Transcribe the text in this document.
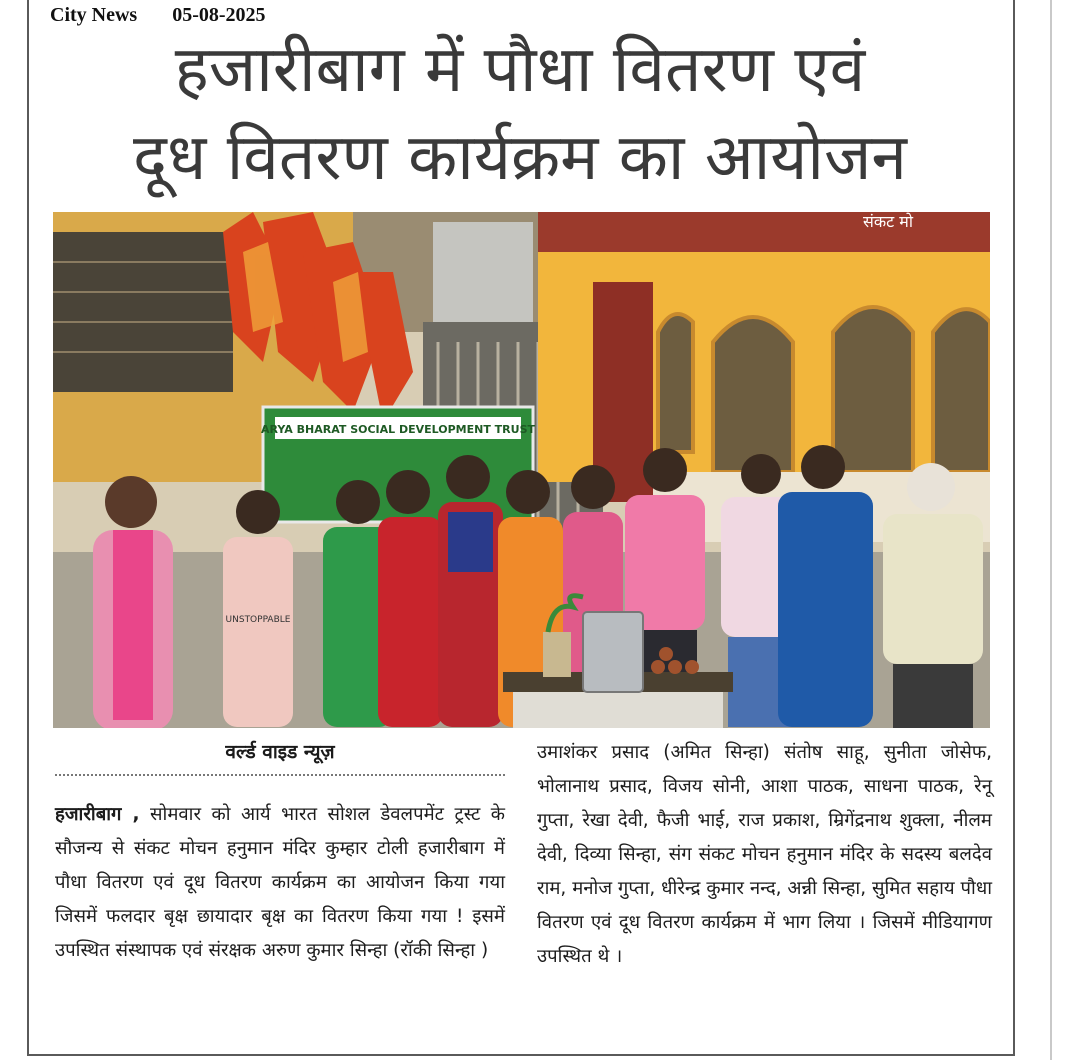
City News 05-08-2025
हजारीबाग में पौधा वितरण एवं
दूध वितरण कार्यक्रम का आयोजन
संकट मो
ARYA BHARAT SOCIAL DEVELOPMENT TRUST
UNSTOPPABLE
वर्ल्ड वाइड न्यूज़
हजारीबाग , सोमवार को आर्य भारत सोशल डेवलपमेंट ट्रस्ट के सौजन्य से संकट मोचन हनुमान मंदिर कुम्हार टोली हजारीबाग में पौधा वितरण एवं दूध वितरण कार्यक्रम का आयोजन किया गया जिसमें फलदार बृक्ष छायादार बृक्ष का वितरण किया गया ! इसमें उपस्थित संस्थापक एवं संरक्षक अरुण कुमार सिन्हा (रॉकी सिन्हा )
उमाशंकर प्रसाद (अमित सिन्हा) संतोष साहू, सुनीता जोसेफ, भोलानाथ प्रसाद, विजय सोनी, आशा पाठक, साधना पाठक, रेनू गुप्ता, रेखा देवी, फैजी भाई, राज प्रकाश, म्रिगेंद्रनाथ शुक्ला, नीलम देवी, दिव्या सिन्हा, संग संकट मोचन हनुमान मंदिर के सदस्य बलदेव राम, मनोज गुप्ता, धीरेन्द्र कुमार नन्द, अन्नी सिन्हा, सुमित सहाय पौधा वितरण एवं दूध वितरण कार्यक्रम में भाग लिया । जिसमें मीडियागण उपस्थित थे ।
